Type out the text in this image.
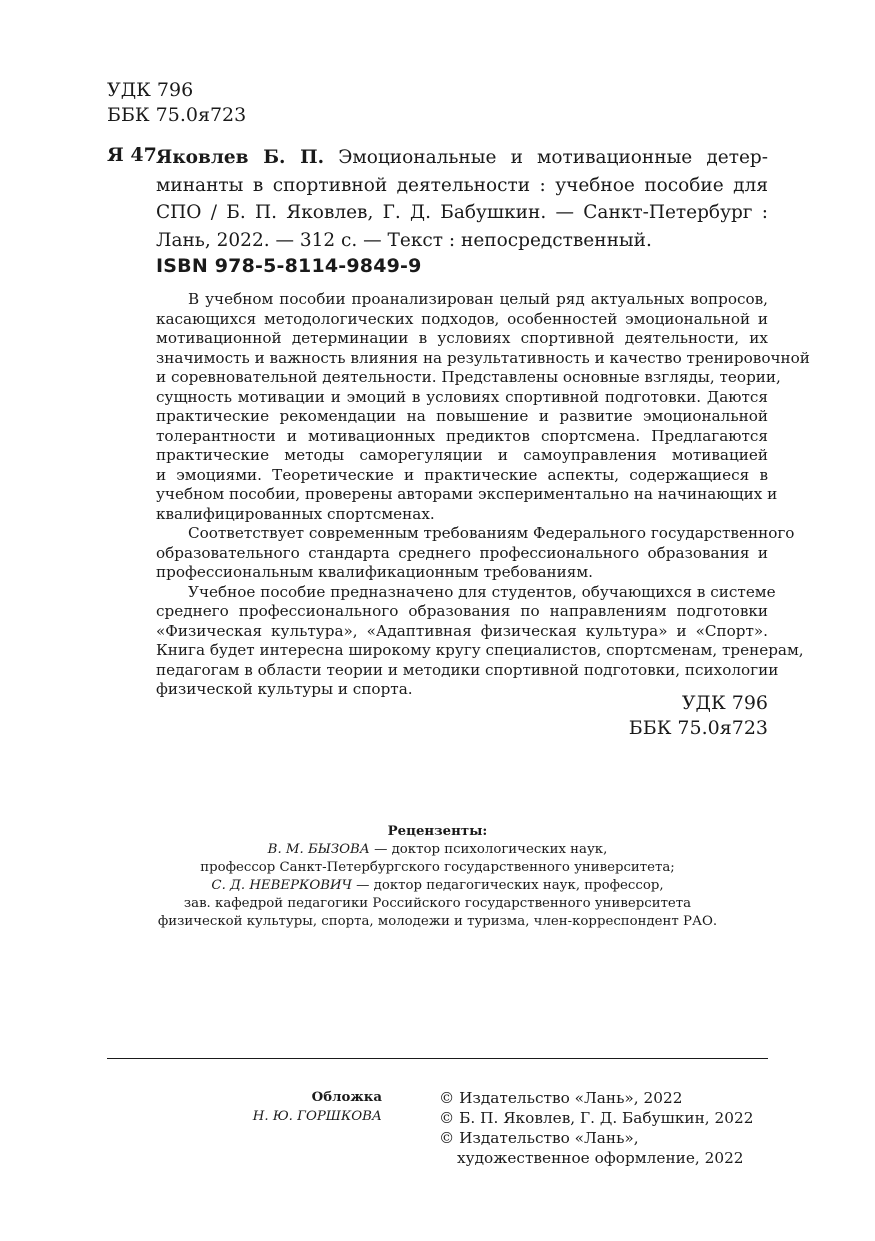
УДК 796
ББК 75.0я723
Я 47 Яковлев Б. П. Эмоциональные и мотивационные детер-
минанты в спортивной деятельности : учебное пособие для
СПО / Б. П. Яковлев, Г. Д. Бабушкин. — Санкт-Петербург :
Лань, 2022. — 312 с. — Текст : непосредственный.
ISBN 978-5-8114-9849-9
В учебном пособии проанализирован целый ряд актуальных вопросов,
касающихся методологических подходов, особенностей эмоциональной и
мотивационной детерминации в условиях спортивной деятельности, их
значимость и важность влияния на результативность и качество тренировочной
и соревновательной деятельности. Представлены основные взгляды, теории,
сущность мотивации и эмоций в условиях спортивной подготовки. Даются
практические рекомендации на повышение и развитие эмоциональной
толерантности и мотивационных предиктов спортсмена. Предлагаются
практические методы саморегуляции и самоуправления мотивацией
и эмоциями. Теоретические и практические аспекты, содержащиеся в
учебном пособии, проверены авторами экспериментально на начинающих и
квалифицированных спортсменах.
Соответствует современным требованиям Федерального государственного
образовательного стандарта среднего профессионального образования и
профессиональным квалификационным требованиям.
Учебное пособие предназначено для студентов, обучающихся в системе
среднего профессионального образования по направлениям подготовки
«Физическая культура», «Адаптивная физическая культура» и «Спорт».
Книга будет интересна широкому кругу специалистов, спортсменам, тренерам,
педагогам в области теории и методики спортивной подготовки, психологии
физической культуры и спорта.
УДК 796
ББК 75.0я723
Рецензенты:
В. М. БЫЗОВА — доктор психологических наук,
профессор Санкт-Петербургского государственного университета;
С. Д. НЕВЕРКОВИЧ — доктор педагогических наук, профессор,
зав. кафедрой педагогики Российского государственного университета
физической культуры, спорта, молодежи и туризма, член-корреспондент РАО.
Обложка
Н. Ю. ГОРШКОВА
© Издательство «Лань», 2022
© Б. П. Яковлев, Г. Д. Бабушкин, 2022
© Издательство «Лань»,
художественное оформление, 2022
